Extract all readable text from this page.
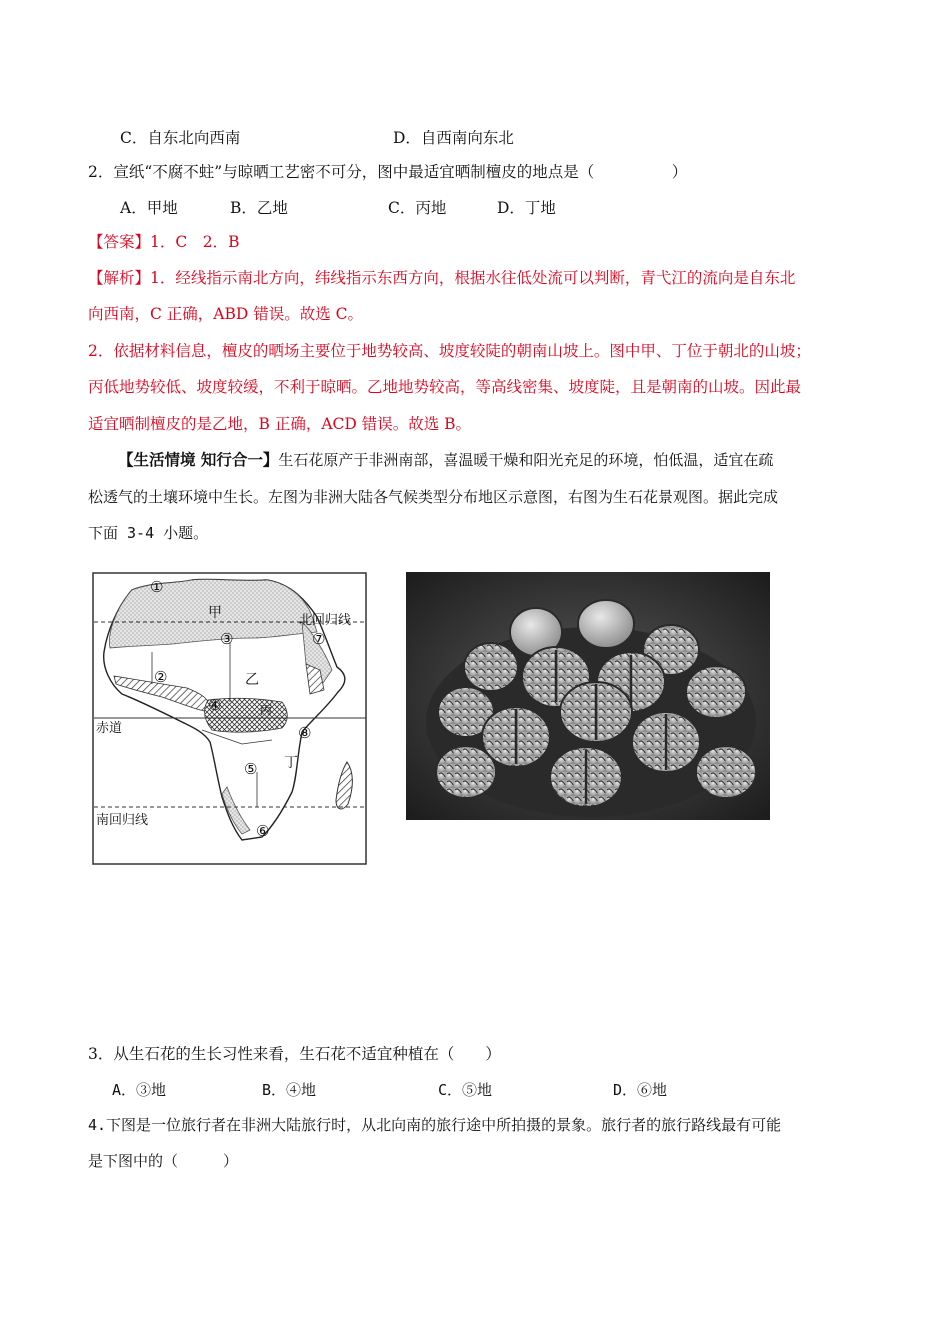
C．自东北向西南	D．自西南向东北
2．宣纸“不腐不蛀”与晾晒工艺密不可分，图中最适宜晒制檀皮的地点是（　　　　　）
A．甲地	B．乙地	C．丙地	D．丁地
【答案】1．C　2．B
【解析】1．经线指示南北方向，纬线指示东西方向，根据水往低处流可以判断，青弋江的流向是自东北
向西南，C 正确，ABD 错误。故选 C。
2．依据材料信息，檀皮的晒场主要位于地势较高、坡度较陡的朝南山坡上。图中甲、丁位于朝北的山坡；
丙低地势较低、坡度较缓，不利于晾晒。乙地地势较高，等高线密集、坡度陡，且是朝南的山坡。因此最
适宜晒制檀皮的是乙地，B 正确，ACD 错误。故选 B。
【生活情境 知行合一】生石花原产于非洲南部，喜温暖干燥和阳光充足的环境，怕低温，适宜在疏
松透气的土壤环境中生长。左图为非洲大陆各气候类型分布地区示意图，右图为生石花景观图。据此完成
下面 3-4 小题。
甲
乙
丙
丁
北回归线
赤道
南回归线
①
②
③
④
⑤
⑥
⑦
⑧
3．从生石花的生长习性来看，生石花不适宜种植在（　　）
A．③地	B．④地	C．⑤地	D．⑥地
4.下图是一位旅行者在非洲大陆旅行时，从北向南的旅行途中所拍摄的景象。旅行者的旅行路线最有可能
是下图中的（　　　）
